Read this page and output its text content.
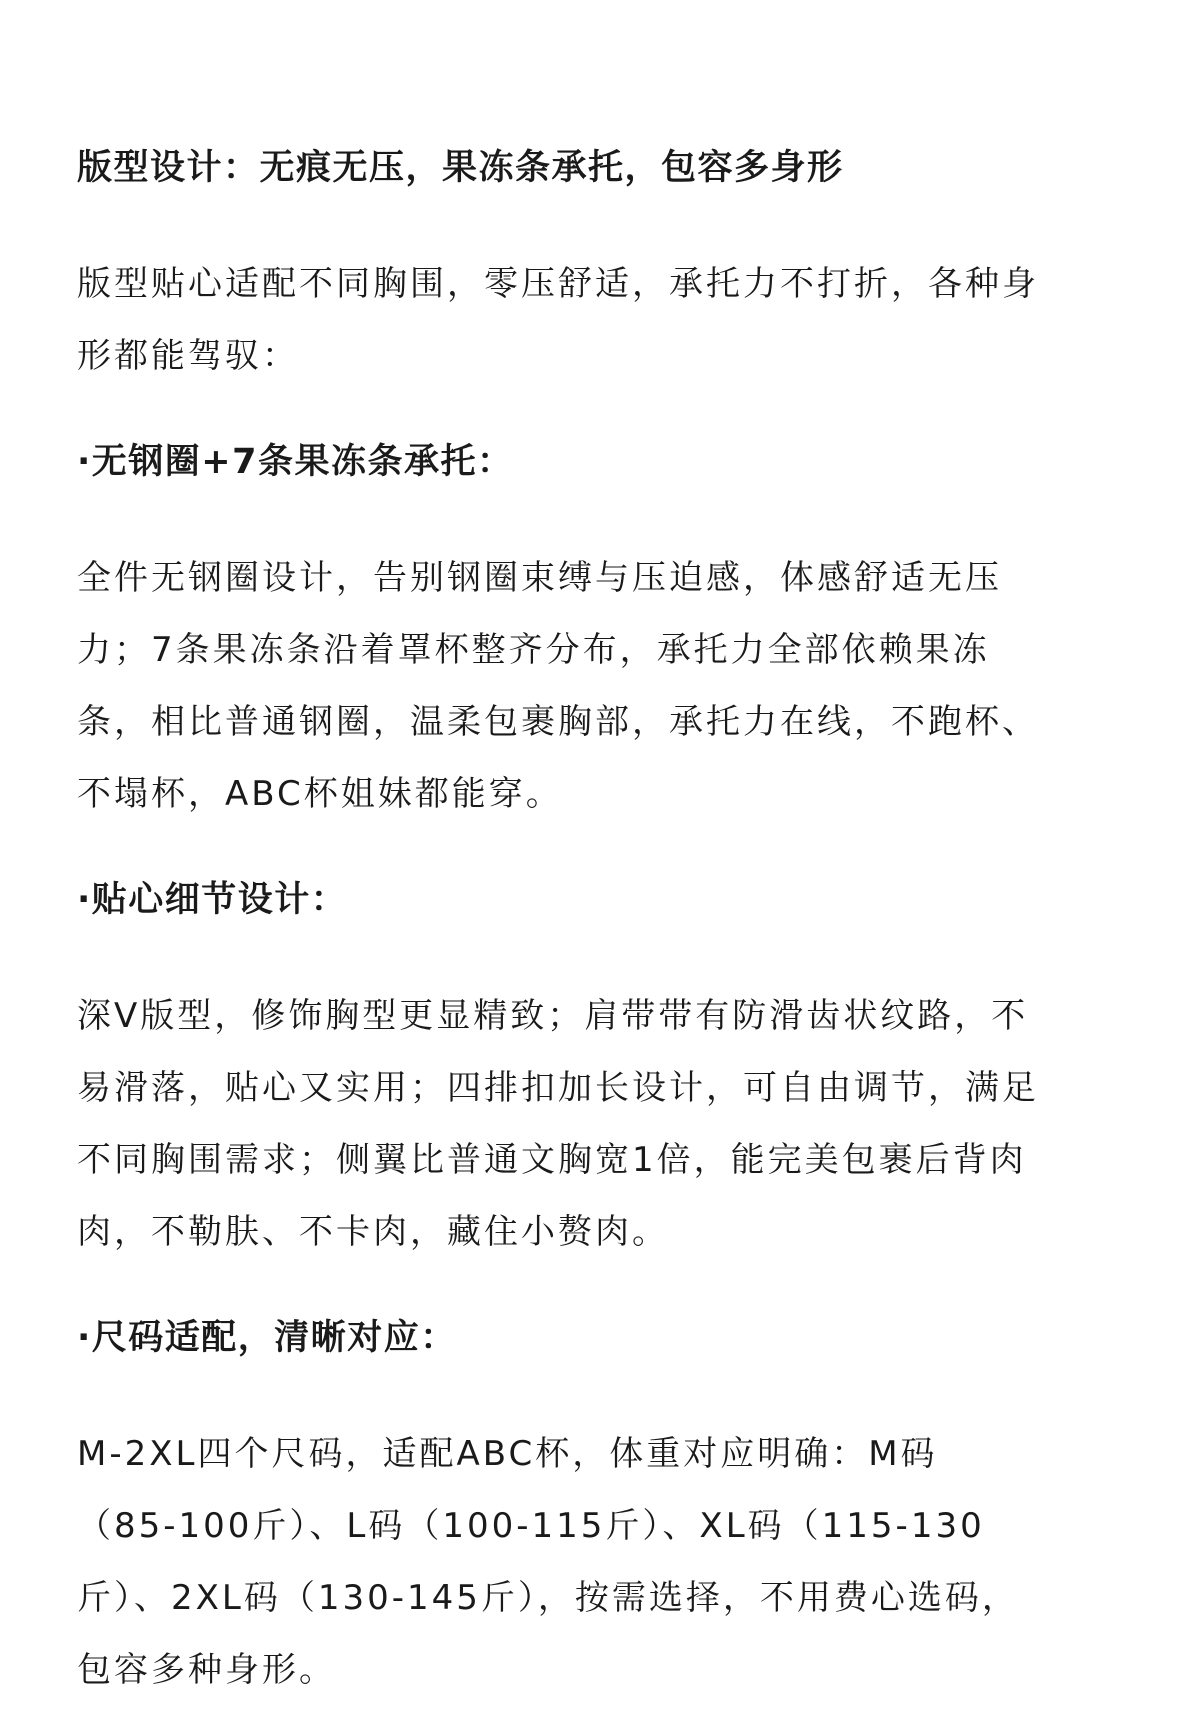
版型设计：无痕无压，果冻条承托，包容多身形

版型贴心适配不同胸围，零压舒适，承托力不打折，各种身
形都能驾驭：

·无钢圈+7条果冻条承托：

全件无钢圈设计，告别钢圈束缚与压迫感，体感舒适无压
力；7条果冻条沿着罩杯整齐分布，承托力全部依赖果冻
条，相比普通钢圈，温柔包裹胸部，承托力在线，不跑杯、
不塌杯，ABC杯姐妹都能穿。

·贴心细节设计：

深V版型，修饰胸型更显精致；肩带带有防滑齿状纹路，不
易滑落，贴心又实用；四排扣加长设计，可自由调节，满足
不同胸围需求；侧翼比普通文胸宽1倍，能完美包裹后背肉
肉，不勒肤、不卡肉，藏住小赘肉。

·尺码适配，清晰对应：

M-2XL四个尺码，适配ABC杯，体重对应明确：M码
（85-100斤）、L码（100-115斤）、XL码（115-130
斤）、2XL码（130-145斤），按需选择，不用费心选码，
包容多种身形。
